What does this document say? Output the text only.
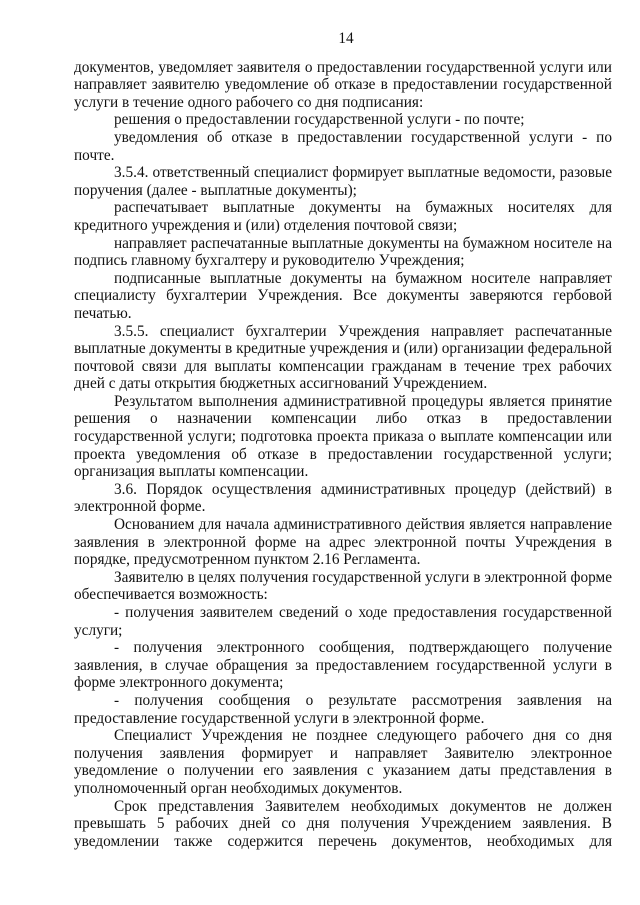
14

документов, уведомляет заявителя о предоставлении государственной услуги или направляет заявителю уведомление об отказе в предоставлении государственной услуги в течение одного рабочего со дня подписания:

решения о предоставлении государственной услуги - по почте;

уведомления об отказе в предоставлении государственной услуги - по почте.

3.5.4. ответственный специалист формирует выплатные ведомости, разовые поручения (далее - выплатные документы);

распечатывает выплатные документы на бумажных носителях для кредитного учреждения и (или) отделения почтовой связи;

направляет распечатанные выплатные документы на бумажном носителе на подпись главному бухгалтеру и руководителю Учреждения;

подписанные выплатные документы на бумажном носителе направляет специалисту бухгалтерии Учреждения. Все документы заверяются гербовой печатью.

3.5.5. специалист бухгалтерии Учреждения направляет распечатанные выплатные документы в кредитные учреждения и (или) организации федеральной почтовой связи для выплаты компенсации гражданам в течение трех рабочих дней с даты открытия бюджетных ассигнований Учреждением.

Результатом выполнения административной процедуры является принятие решения о назначении компенсации либо отказ в предоставлении государственной услуги; подготовка проекта приказа о выплате компенсации или проекта уведомления об отказе в предоставлении государственной услуги; организация выплаты компенсации.

3.6. Порядок осуществления административных процедур (действий) в электронной форме.

Основанием для начала административного действия является направление заявления в электронной форме на адрес электронной почты Учреждения в порядке, предусмотренном пунктом 2.16 Регламента.

Заявителю в целях получения государственной услуги в электронной форме обеспечивается возможность:

- получения заявителем сведений о ходе предоставления государственной услуги;

- получения электронного сообщения, подтверждающего получение заявления, в случае обращения за предоставлением государственной услуги в форме электронного документа;

- получения сообщения о результате рассмотрения заявления на предоставление государственной услуги в электронной форме.

Специалист Учреждения не позднее следующего рабочего дня со дня получения заявления формирует и направляет Заявителю электронное уведомление о получении его заявления с указанием даты представления в уполномоченный орган необходимых документов.

Срок представления Заявителем необходимых документов не должен превышать 5 рабочих дней со дня получения Учреждением заявления. В уведомлении также содержится перечень документов, необходимых для
